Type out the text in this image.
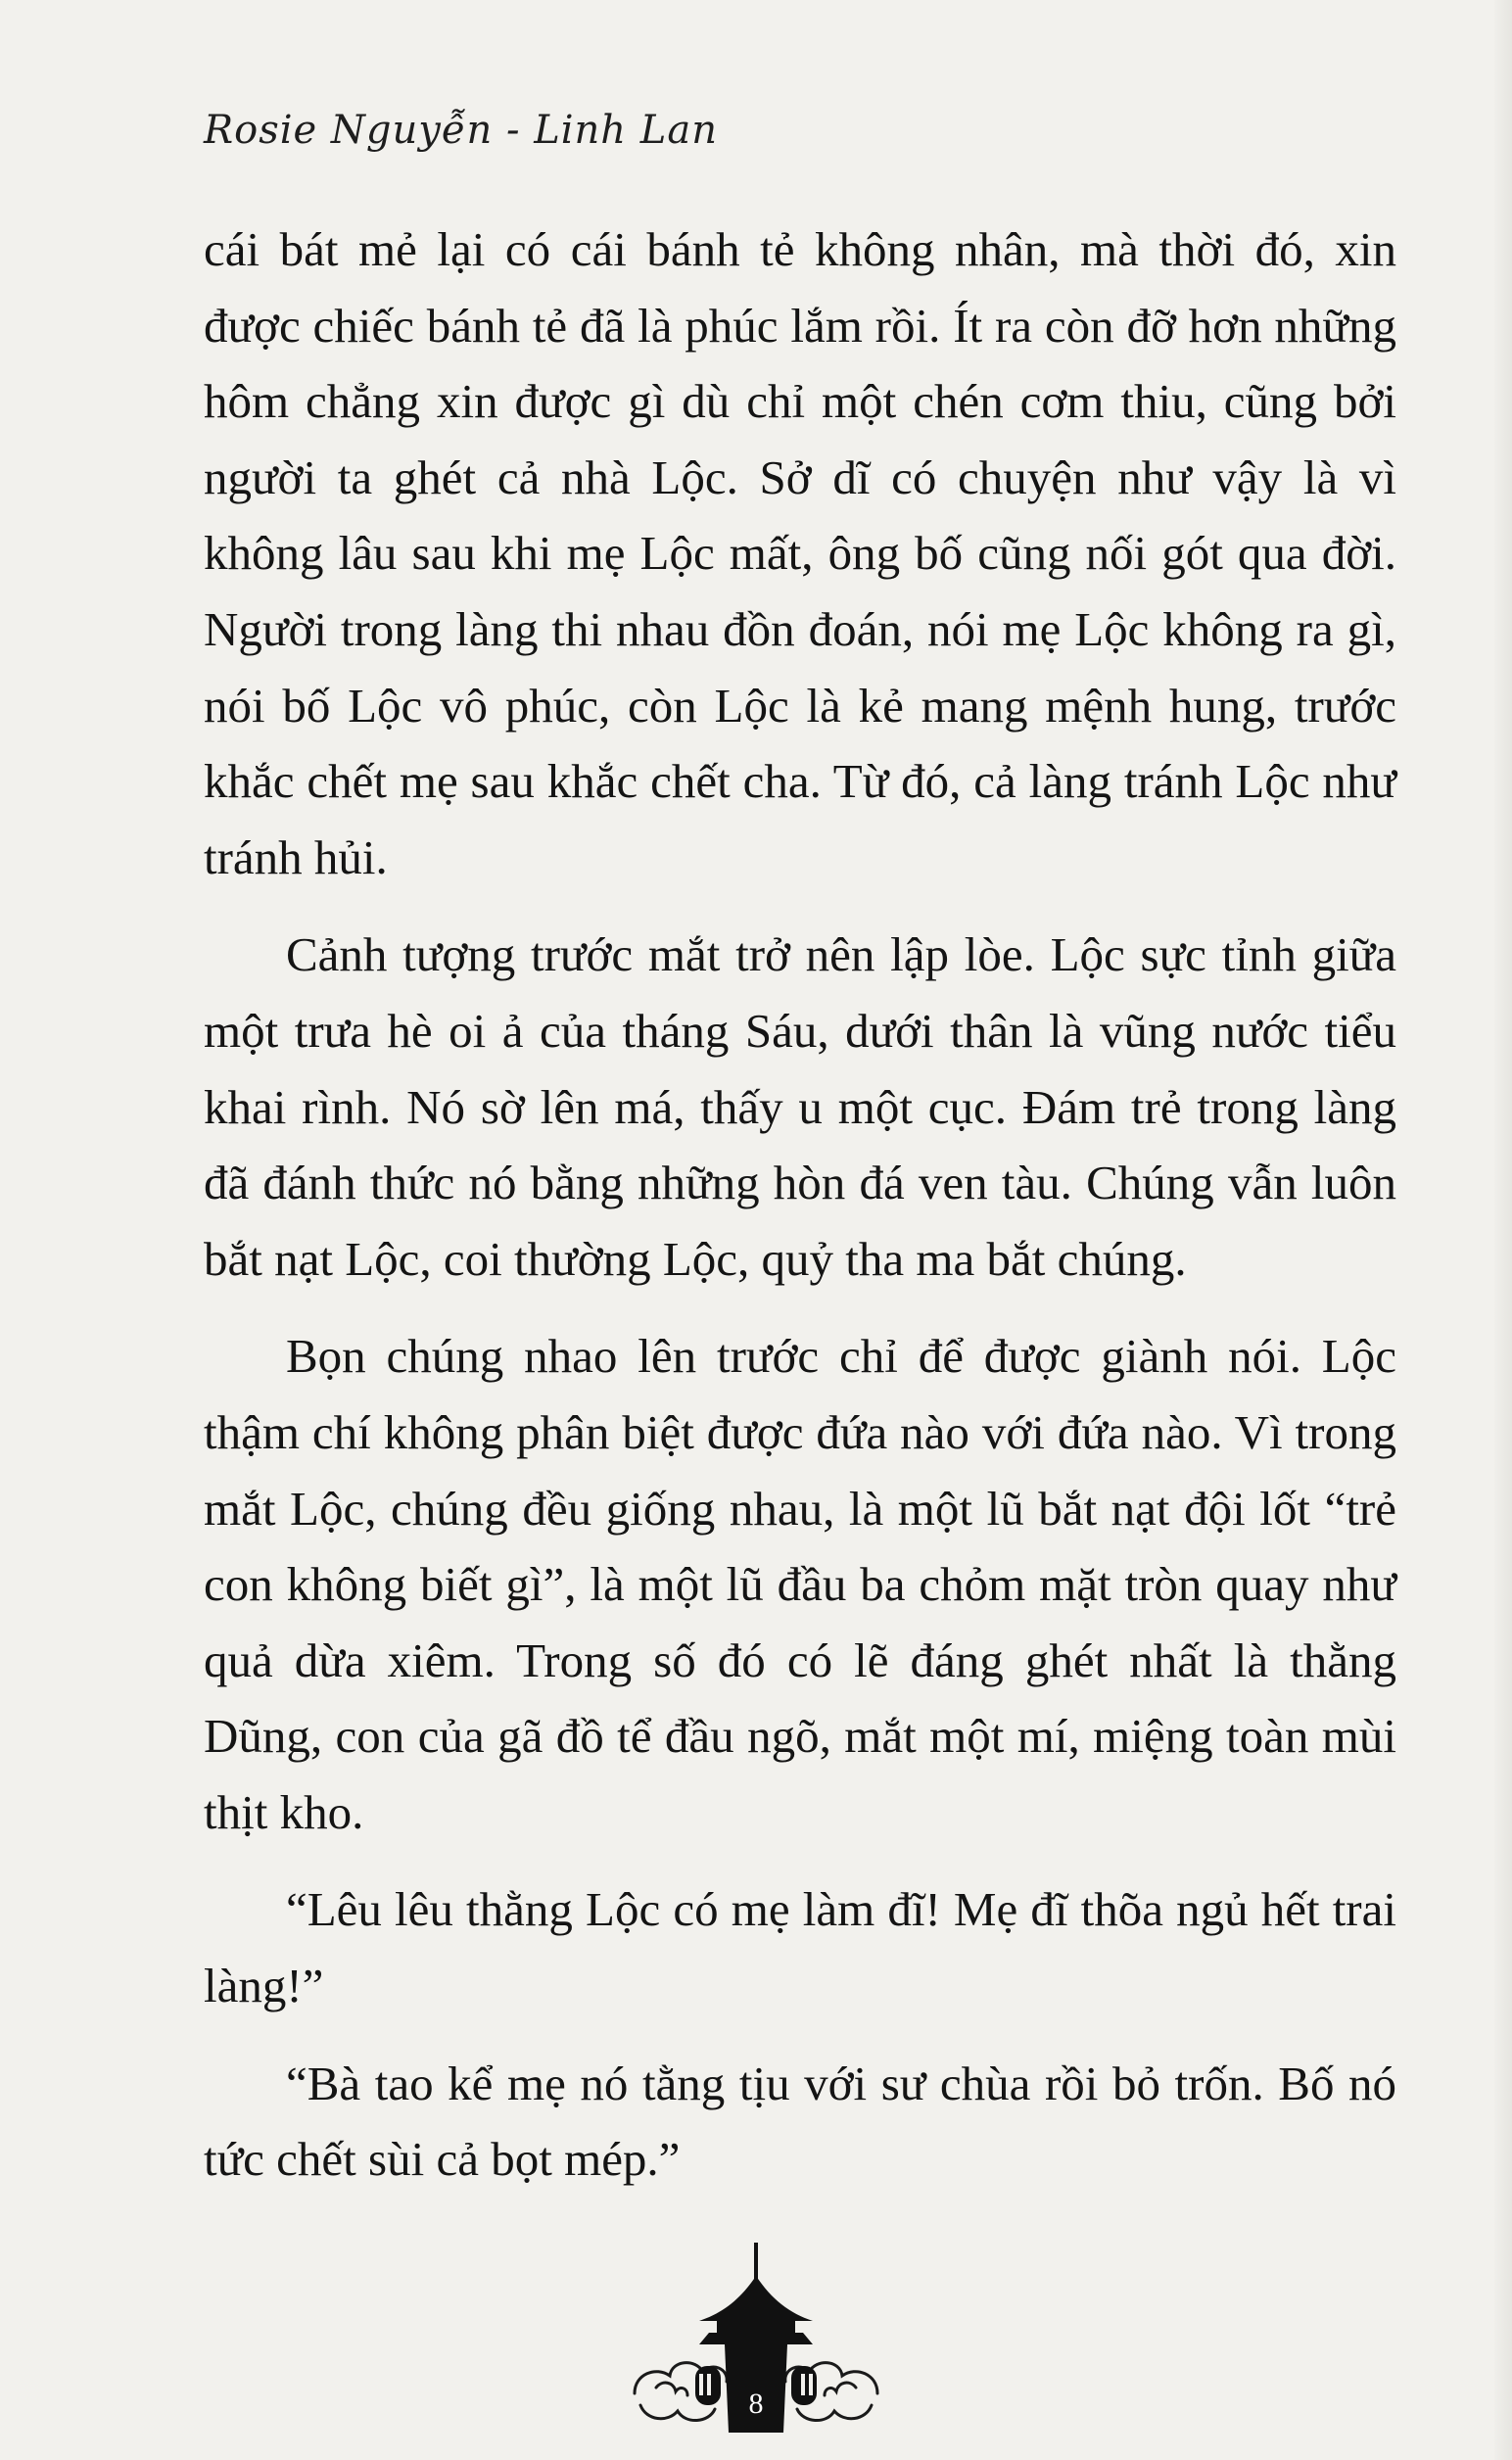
Rosie Nguyễn - Linh Lan

cái bát mẻ lại có cái bánh tẻ không nhân, mà thời đó, xin được chiếc bánh tẻ đã là phúc lắm rồi. Ít ra còn đỡ hơn những hôm chẳng xin được gì dù chỉ một chén cơm thiu, cũng bởi người ta ghét cả nhà Lộc. Sở dĩ có chuyện như vậy là vì không lâu sau khi mẹ Lộc mất, ông bố cũng nối gót qua đời. Người trong làng thi nhau đồn đoán, nói mẹ Lộc không ra gì, nói bố Lộc vô phúc, còn Lộc là kẻ mang mệnh hung, trước khắc chết mẹ sau khắc chết cha. Từ đó, cả làng tránh Lộc như tránh hủi.

Cảnh tượng trước mắt trở nên lập lòe. Lộc sực tỉnh giữa một trưa hè oi ả của tháng Sáu, dưới thân là vũng nước tiểu khai rình. Nó sờ lên má, thấy u một cục. Đám trẻ trong làng đã đánh thức nó bằng những hòn đá ven tàu. Chúng vẫn luôn bắt nạt Lộc, coi thường Lộc, quỷ tha ma bắt chúng.

Bọn chúng nhao lên trước chỉ để được giành nói. Lộc thậm chí không phân biệt được đứa nào với đứa nào. Vì trong mắt Lộc, chúng đều giống nhau, là một lũ bắt nạt đội lốt “trẻ con không biết gì”, là một lũ đầu ba chỏm mặt tròn quay như quả dừa xiêm. Trong số đó có lẽ đáng ghét nhất là thằng Dũng, con của gã đồ tể đầu ngõ, mắt một mí, miệng toàn mùi thịt kho.

“Lêu lêu thằng Lộc có mẹ làm đĩ! Mẹ đĩ thõa ngủ hết trai làng!”

“Bà tao kể mẹ nó tằng tịu với sư chùa rồi bỏ trốn. Bố nó tức chết sùi cả bọt mép.”

8
